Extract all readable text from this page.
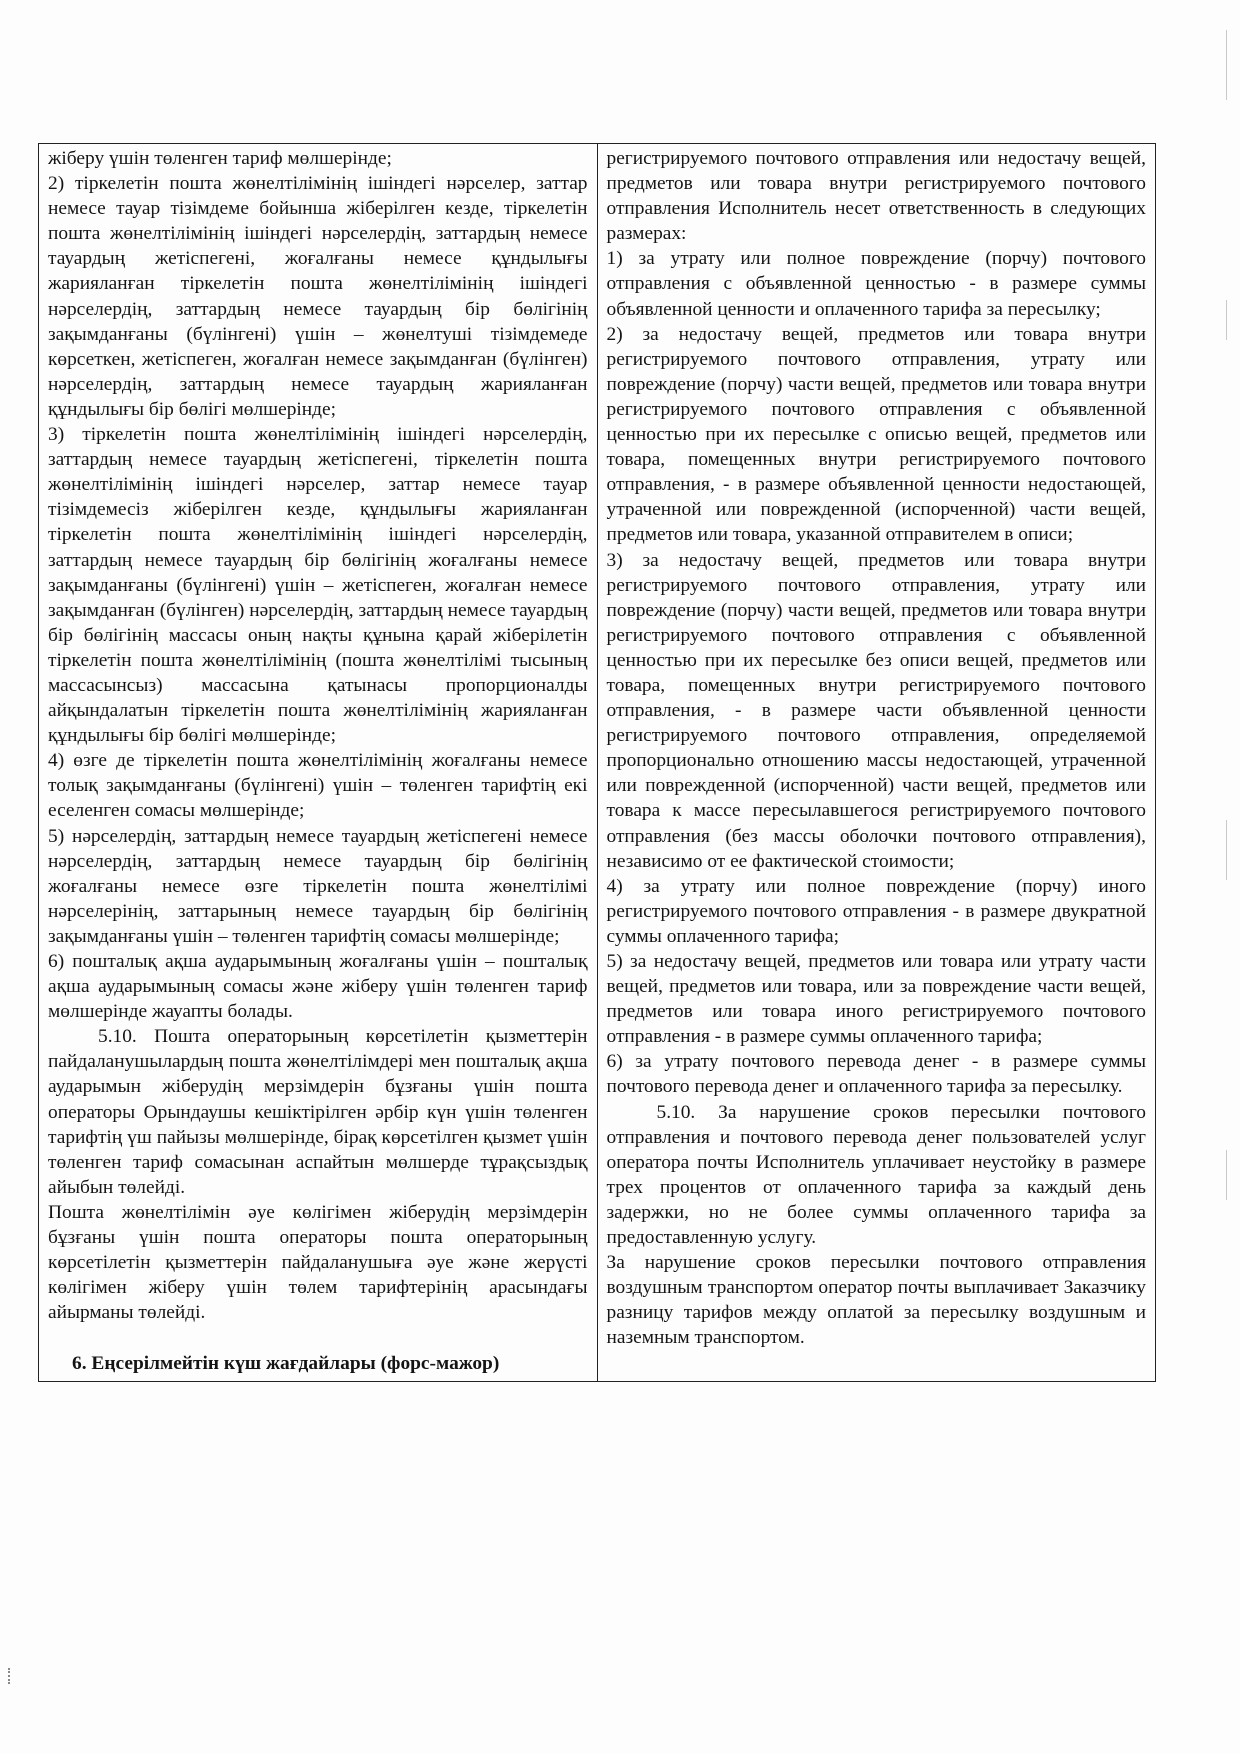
жіберу үшін төленген тариф мөлшерінде;

2) тіркелетін пошта жөнелтілімінің ішіндегі нәрселер, заттар немесе тауар тізімдеме бойынша жіберілген кезде, тіркелетін пошта жөнелтілімінің ішіндегі нәрселердің, заттардың немесе тауардың жетіспегені, жоғалғаны немесе құндылығы жарияланған тіркелетін пошта жөнелтілімінің ішіндегі нәрселердің, заттардың немесе тауардың бір бөлігінің зақымданғаны (бүлінгені) үшін – жөнелтуші тізімдемеде көрсеткен, жетіспеген, жоғалған немесе зақымданған (бүлінген) нәрселердің, заттардың немесе тауардың жарияланған құндылығы бір бөлігі мөлшерінде;

3) тіркелетін пошта жөнелтілімінің ішіндегі нәрселердің, заттардың немесе тауардың жетіспегені, тіркелетін пошта жөнелтілімінің ішіндегі нәрселер, заттар немесе тауар тізімдемесіз жіберілген кезде, құндылығы жарияланған тіркелетін пошта жөнелтілімінің ішіндегі нәрселердің, заттардың немесе тауардың бір бөлігінің жоғалғаны немесе зақымданғаны (бүлінгені) үшін – жетіспеген, жоғалған немесе зақымданған (бүлінген) нәрселердің, заттардың немесе тауардың бір бөлігінің массасы оның нақты құнына қарай жіберілетін тіркелетін пошта жөнелтілімінің (пошта жөнелтілімі тысының массасынсыз) массасына қатынасы пропорционалды айқындалатын тіркелетін пошта жөнелтілімінің жарияланған құндылығы бір бөлігі мөлшерінде;

4) өзге де тіркелетін пошта жөнелтілімінің жоғалғаны немесе толық зақымданғаны (бүлінгені) үшін – төленген тарифтің екі еселенген сомасы мөлшерінде;

5) нәрселердің, заттардың немесе тауардың жетіспегені немесе нәрселердің, заттардың немесе тауардың бір бөлігінің жоғалғаны немесе өзге тіркелетін пошта жөнелтілімі нәрселерінің, заттарының немесе тауардың бір бөлігінің зақымданғаны үшін – төленген тарифтің сомасы мөлшерінде;

6) пошталық ақша аударымының жоғалғаны үшін – пошталық ақша аударымының сомасы және жіберу үшін төленген тариф мөлшерінде жауапты болады.

5.10. Пошта операторының көрсетілетін қызметтерін пайдаланушылардың пошта жөнелтілімдері мен пошталық ақша аударымын жіберудің мерзімдерін бұзғаны үшін пошта операторы Орындаушы кешіктірілген әрбір күн үшін төленген тарифтің үш пайызы мөлшерінде, бірақ көрсетілген қызмет үшін төленген тариф сомасынан аспайтын мөлшерде тұрақсыздық айыбын төлейді.

Пошта жөнелтілімін әуе көлігімен жіберудің мерзімдерін бұзғаны үшін пошта операторы пошта операторының көрсетілетін қызметтерін пайдаланушыға әуе және жерүсті көлігімен жіберу үшін төлем тарифтерінің арасындағы айырманы төлейді.

6. Еңсерілмейтін күш жағдайлары (форс-мажор)

регистрируемого почтового отправления или недостачу вещей, предметов или товара внутри регистрируемого почтового отправления Исполнитель несет ответственность в следующих размерах:

1) за утрату или полное повреждение (порчу) почтового отправления с объявленной ценностью - в размере суммы объявленной ценности и оплаченного тарифа за пересылку;

2) за недостачу вещей, предметов или товара внутри регистрируемого почтового отправления, утрату или повреждение (порчу) части вещей, предметов или товара внутри регистрируемого почтового отправления с объявленной ценностью при их пересылке с описью вещей, предметов или товара, помещенных внутри регистрируемого почтового отправления, - в размере объявленной ценности недостающей, утраченной или поврежденной (испорченной) части вещей, предметов или товара, указанной отправителем в описи;

3) за недостачу вещей, предметов или товара внутри регистрируемого почтового отправления, утрату или повреждение (порчу) части вещей, предметов или товара внутри регистрируемого почтового отправления с объявленной ценностью при их пересылке без описи вещей, предметов или товара, помещенных внутри регистрируемого почтового отправления, - в размере части объявленной ценности регистрируемого почтового отправления, определяемой пропорционально отношению массы недостающей, утраченной или поврежденной (испорченной) части вещей, предметов или товара к массе пересылавшегося регистрируемого почтового отправления (без массы оболочки почтового отправления), независимо от ее фактической стоимости;

4) за утрату или полное повреждение (порчу) иного регистрируемого почтового отправления - в размере двукратной суммы оплаченного тарифа;

5) за недостачу вещей, предметов или товара или утрату части вещей, предметов или товара, или за повреждение части вещей, предметов или товара иного регистрируемого почтового отправления - в размере суммы оплаченного тарифа;

6) за утрату почтового перевода денег - в размере суммы почтового перевода денег и оплаченного тарифа за пересылку.

5.10. За нарушение сроков пересылки почтового отправления и почтового перевода денег пользователей услуг оператора почты Исполнитель уплачивает неустойку в размере трех процентов от оплаченного тарифа за каждый день задержки, но не более суммы оплаченного тарифа за предоставленную услугу.

За нарушение сроков пересылки почтового отправления воздушным транспортом оператор почты выплачивает Заказчику разницу тарифов между оплатой за пересылку воздушным и наземным транспортом.
